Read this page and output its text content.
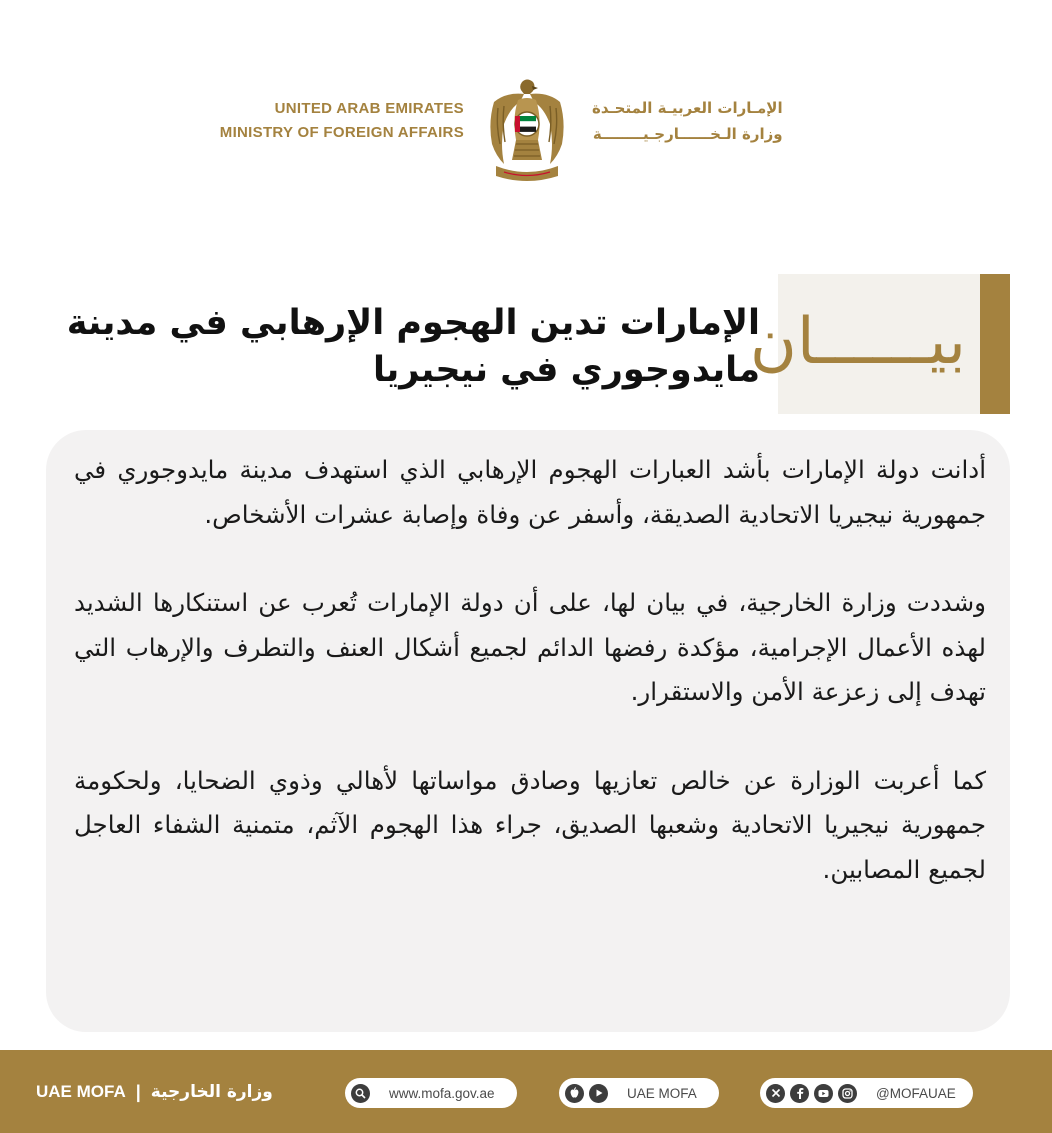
UNITED ARAB EMIRATES
MINISTRY OF FOREIGN AFFAIRS
الإمـارات العربيـة المتحـدة
وزارة الـخــــــارجـيــــــــة
بيــــــان
الإمارات تدين الهجوم الإرهابي في مدينة مايدوجوري في نيجيريا

أدانت دولة الإمارات بأشد العبارات الهجوم الإرهابي الذي استهدف مدينة مايدوجوري في جمهورية نيجيريا الاتحادية الصديقة، وأسفر عن وفاة وإصابة عشرات الأشخاص.

وشددت وزارة الخارجية، في بيان لها، على أن دولة الإمارات تُعرب عن استنكارها الشديد لهذه الأعمال الإجرامية، مؤكدة رفضها الدائم لجميع أشكال العنف والتطرف والإرهاب التي تهدف إلى زعزعة الأمن والاستقرار.

كما أعربت الوزارة عن خالص تعازيها وصادق مواساتها لأهالي وذوي الضحايا، ولحكومة جمهورية نيجيريا الاتحادية وشعبها الصديق، جراء هذا الهجوم الآثم، متمنية الشفاء العاجل لجميع المصابين.

UAE MOFA | وزارة الخارجية	www.mofa.gov.ae	UAE MOFA	@MOFAUAE
